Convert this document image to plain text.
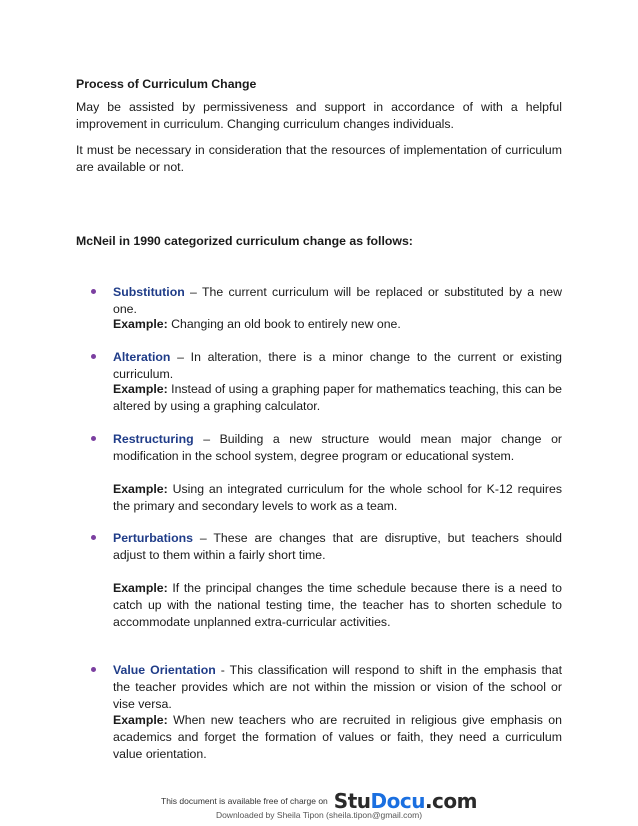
Process of Curriculum Change
May be assisted by permissiveness and support in accordance of with a helpful improvement in curriculum. Changing curriculum changes individuals.
It must be necessary in consideration that the resources of implementation of curriculum are available or not.
McNeil in 1990 categorized curriculum change as follows:
Substitution – The current curriculum will be replaced or substituted by a new one.
Example: Changing an old book to entirely new one.
Alteration – In alteration, there is a minor change to the current or existing curriculum.
Example: Instead of using a graphing paper for mathematics teaching, this can be altered by using a graphing calculator.
Restructuring – Building a new structure would mean major change or modification in the school system, degree program or educational system.
Example: Using an integrated curriculum for the whole school for K-12 requires the primary and secondary levels to work as a team.
Perturbations – These are changes that are disruptive, but teachers should adjust to them within a fairly short time.
Example: If the principal changes the time schedule because there is a need to catch up with the national testing time, the teacher has to shorten schedule to accommodate unplanned extra-curricular activities.
Value Orientation - This classification will respond to shift in the emphasis that the teacher provides which are not within the mission or vision of the school or vise versa.
Example: When new teachers who are recruited in religious give emphasis on academics and forget the formation of values or faith, they need a curriculum value orientation.
This document is available free of charge on StuDocu.com
Downloaded by Sheila Tipon (sheila.tipon@gmail.com)
